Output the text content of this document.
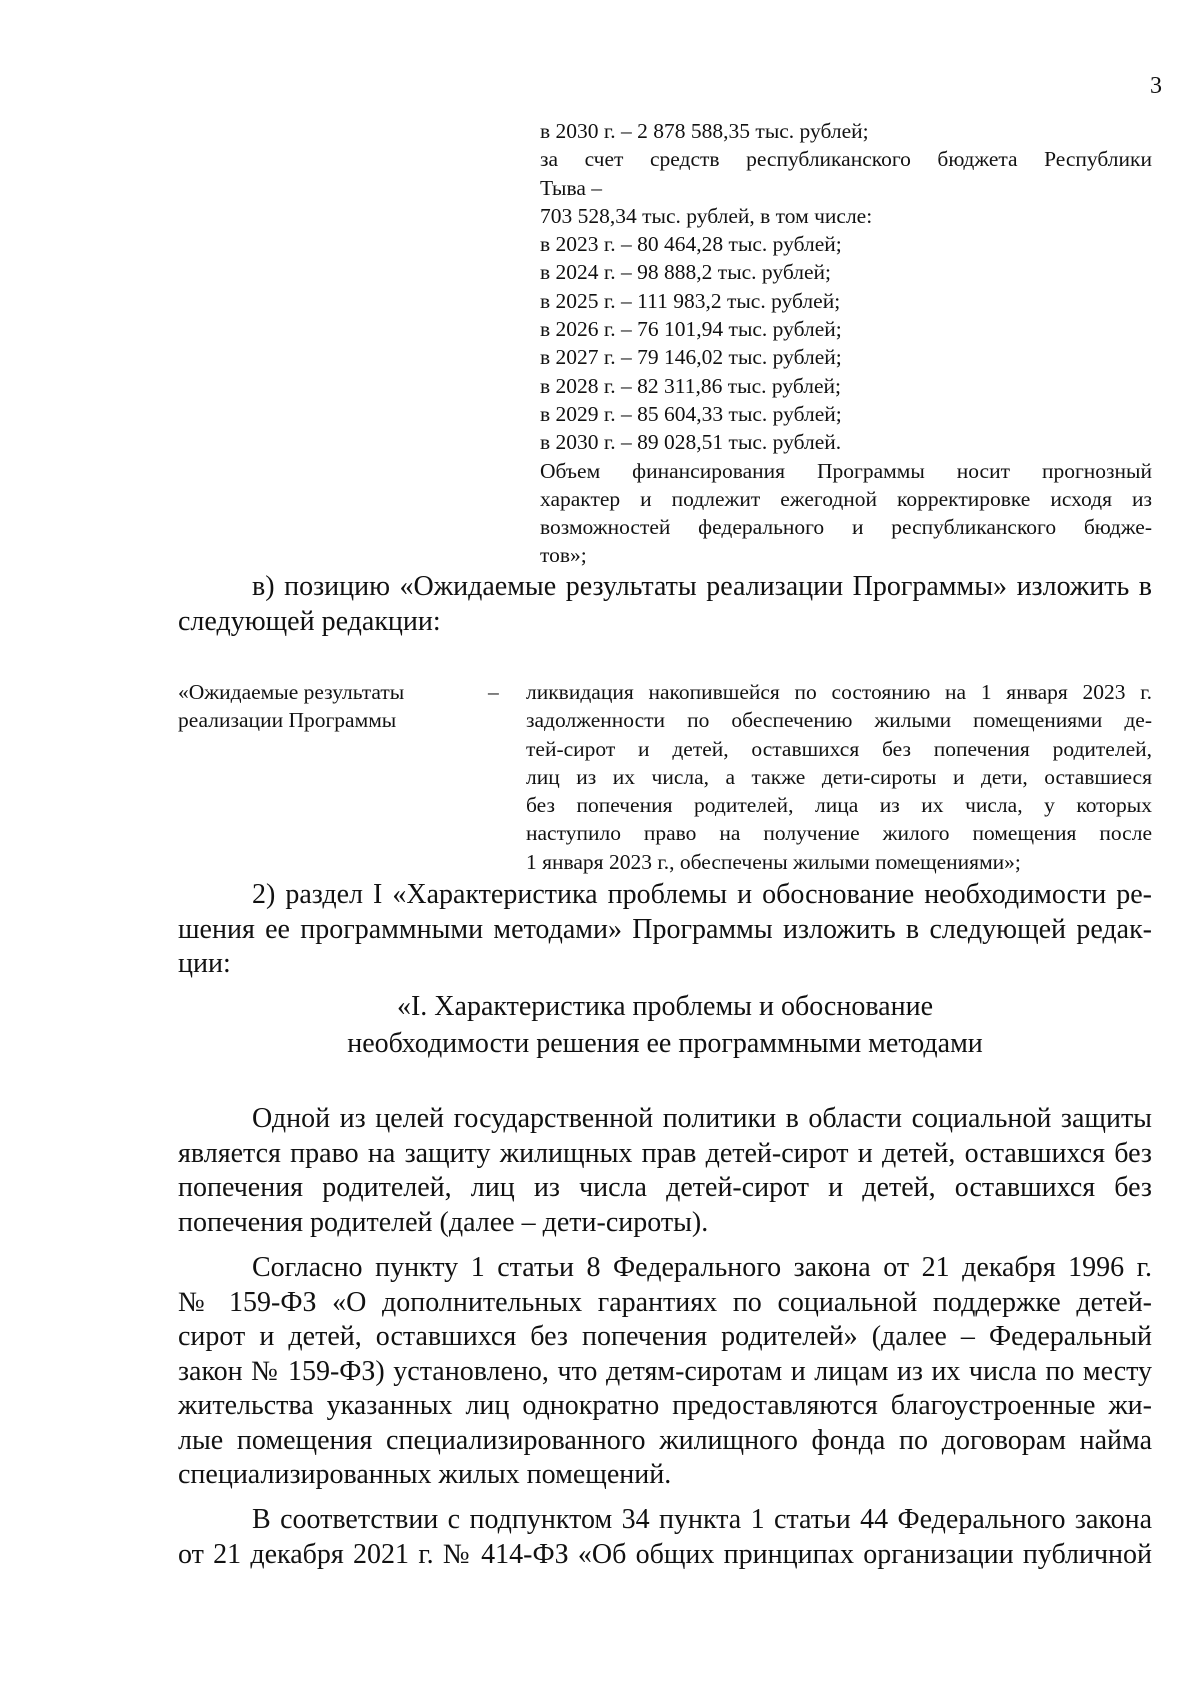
3
в 2030 г. – 2 878 588,35 тыс. рублей;
за счет средств республиканского бюджета Республики
Тыва –
703 528,34 тыс. рублей, в том числе:
в 2023 г. – 80 464,28 тыс. рублей;
в 2024 г. – 98 888,2 тыс. рублей;
в 2025 г. – 111 983,2 тыс. рублей;
в 2026 г. – 76 101,94 тыс. рублей;
в 2027 г. – 79 146,02 тыс. рублей;
в 2028 г. – 82 311,86 тыс. рублей;
в 2029 г. – 85 604,33 тыс. рублей;
в 2030 г. – 89 028,51 тыс. рублей.
Объем финансирования Программы носит прогнозный
характер и подлежит ежегодной корректировке исходя из
возможностей федерального и республиканского бюдже-
тов»;
в) позицию «Ожидаемые результаты реализации Программы» изложить в
следующей редакции:
«Ожидаемые результаты
реализации Программы
– ликвидация накопившейся по состоянию на 1 января 2023 г.
задолженности по обеспечению жилыми помещениями де-
тей-сирот и детей, оставшихся без попечения родителей,
лиц из их числа, а также дети-сироты и дети, оставшиеся
без попечения родителей, лица из их числа, у которых
наступило право на получение жилого помещения после
1 января 2023 г., обеспечены жилыми помещениями»;
2) раздел I «Характеристика проблемы и обоснование необходимости ре-
шения ее программными методами» Программы изложить в следующей редак-
ции:
«I. Характеристика проблемы и обоснование
необходимости решения ее программными методами
Одной из целей государственной политики в области социальной защиты
является право на защиту жилищных прав детей-сирот и детей, оставшихся без
попечения родителей, лиц из числа детей-сирот и детей, оставшихся без
попечения родителей (далее – дети-сироты).
Согласно пункту 1 статьи 8 Федерального закона от 21 декабря 1996 г.
№ 159-ФЗ «О дополнительных гарантиях по социальной поддержке детей-
сирот и детей, оставшихся без попечения родителей» (далее – Федеральный
закон № 159-ФЗ) установлено, что детям-сиротам и лицам из их числа по месту
жительства указанных лиц однократно предоставляются благоустроенные жи-
лые помещения специализированного жилищного фонда по договорам найма
специализированных жилых помещений.
В соответствии с подпунктом 34 пункта 1 статьи 44 Федерального закона
от 21 декабря 2021 г. № 414-ФЗ «Об общих принципах организации публичной
